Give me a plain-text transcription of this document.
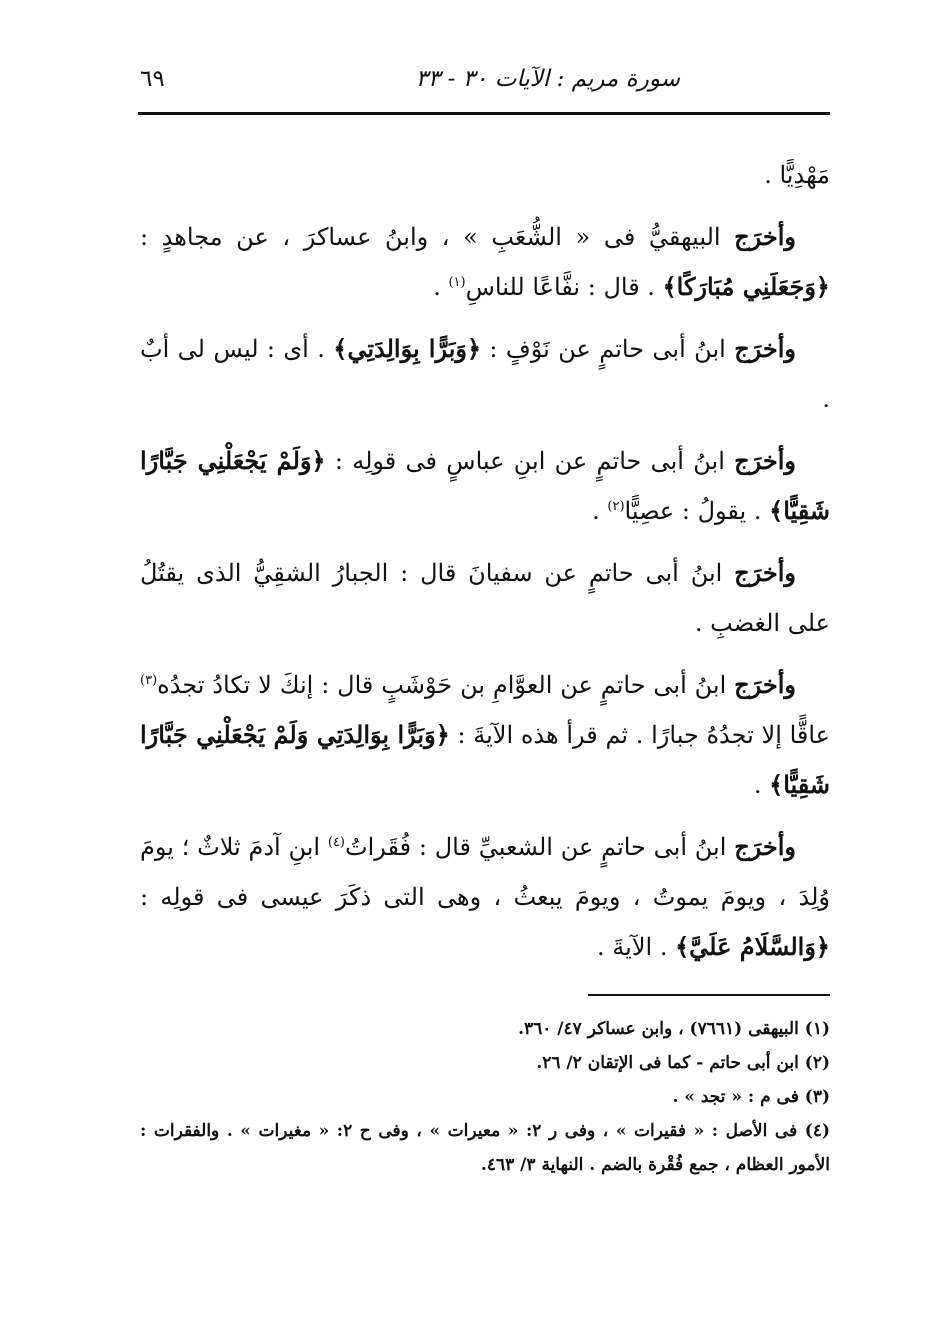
سورة مريم : الآيات ٣٠ - ٣٣
٦٩

مَهْدِيًّا .

وأخرَج البيهقيُّ فى « الشُّعَبِ » ، وابنُ عساكرَ ، عن مجاهدٍ : ﴿وَجَعَلَنِي مُبَارَكًا﴾ . قال : نفَّاعًا للناسِ$^{(١)}$ .

وأخرَج ابنُ أبى حاتمٍ عن نَوْفٍ : ﴿وَبَرًّا بِوَالِدَتِي﴾ . أى : ليس لى أبٌ .

وأخرَج ابنُ أبى حاتمٍ عن ابنِ عباسٍ فى قولِه : ﴿وَلَمْ يَجْعَلْنِي جَبَّارًا شَقِيًّا﴾ . يقولُ : عصِيًّا$^{(٢)}$ .

وأخرَج ابنُ أبى حاتمٍ عن سفيانَ قال : الجبارُ الشقِيُّ الذى يقتُلُ على الغضبِ .

وأخرَج ابنُ أبى حاتمٍ عن العوَّامِ بن حَوْشَبٍ قال : إنكَ لا تكادُ تجدُه$^{(٣)}$ عاقًّا إلا تجدُهُ جبارًا . ثم قرأ هذه الآيةَ : ﴿وَبَرًّا بِوَالِدَتِي وَلَمْ يَجْعَلْنِي جَبَّارًا شَقِيًّا﴾ .

وأخرَج ابنُ أبى حاتمٍ عن الشعبيِّ قال : فُقَراتُ$^{(٤)}$ ابنِ آدمَ ثلاثٌ ؛ يومَ وُلِدَ ، ويومَ يموتُ ، ويومَ يبعثُ ، وهى التى ذكَرَ عيسى فى قولِه : ﴿وَالسَّلَامُ عَلَيَّ﴾ . الآيةَ .

(١) البيهقى (٧٦٦١) ، وابن عساكر ٤٧/ ٣٦٠.
(٢) ابن أبى حاتم - كما فى الإتقان ٢/ ٢٦.
(٣) فى م : « تجد » .
(٤) فى الأصل : « فقيرات » ، وفى ر ٢: « معيرات » ، وفى ح ٢: « مغيرات » . والفقرات : الأمور العظام ، جمع فُقْرة بالضم . النهاية ٣/ ٤٦٣.
